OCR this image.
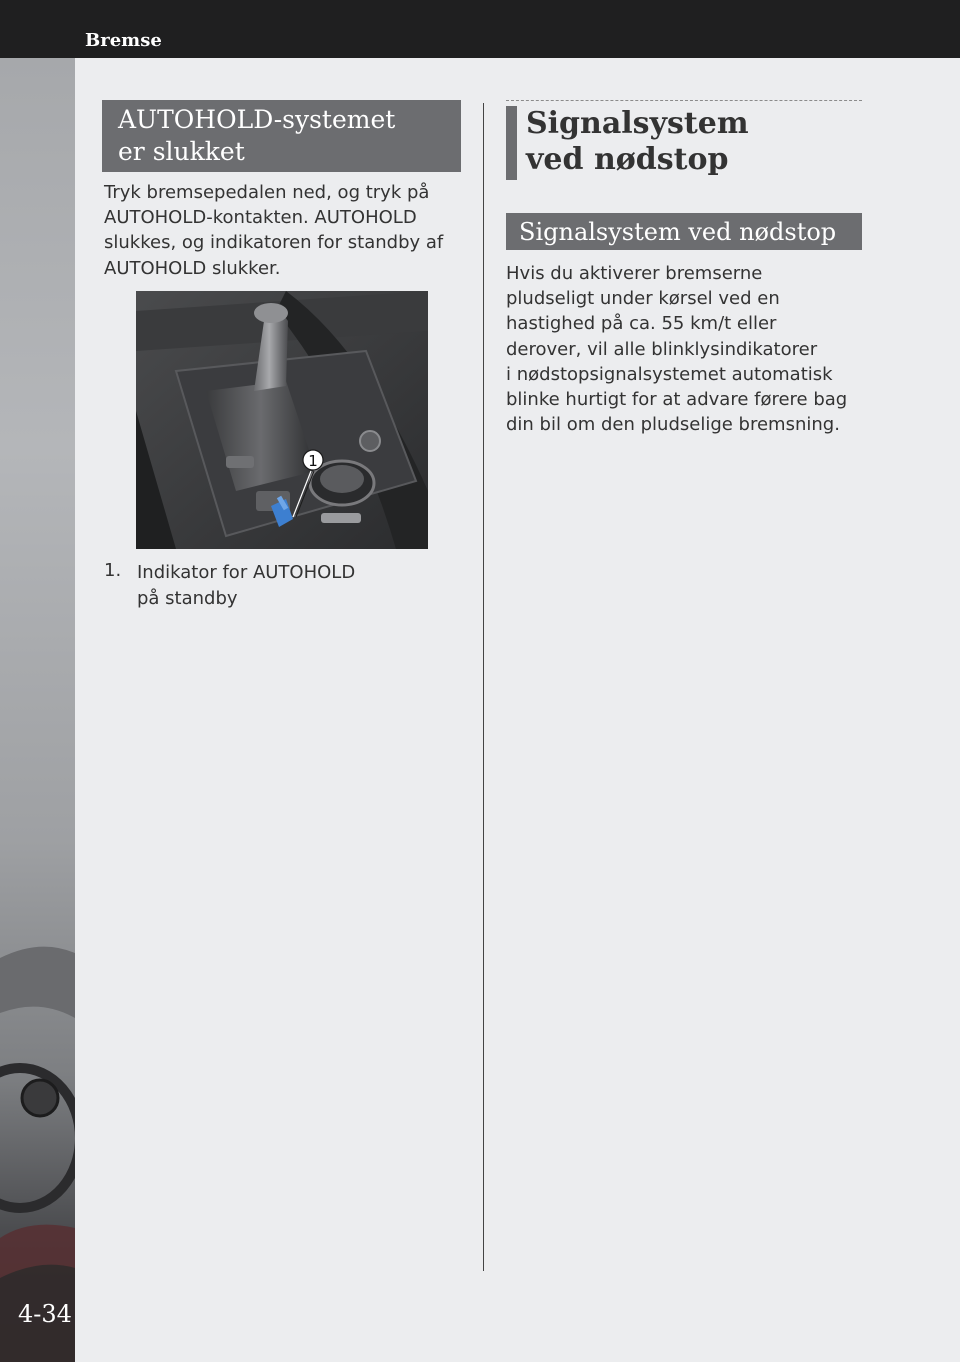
Bremse
4-34
AUTOHOLD-systemet
er slukket

Tryk bremsepedalen ned, og tryk på
AUTOHOLD-kontakten. AUTOHOLD
slukkes, og indikatoren for standby af
AUTOHOLD slukker.

1
1. Indikator for AUTOHOLD
på standby

Signalsystem
ved nødstop
Signalsystem ved nødstop

Hvis du aktiverer bremserne
pludseligt under kørsel ved en
hastighed på ca. 55 km/t eller
derover, vil alle blinklysindikatorer
i nødstopsignalsystemet automatisk
blinke hurtigt for at advare førere bag
din bil om den pludselige bremsning.
